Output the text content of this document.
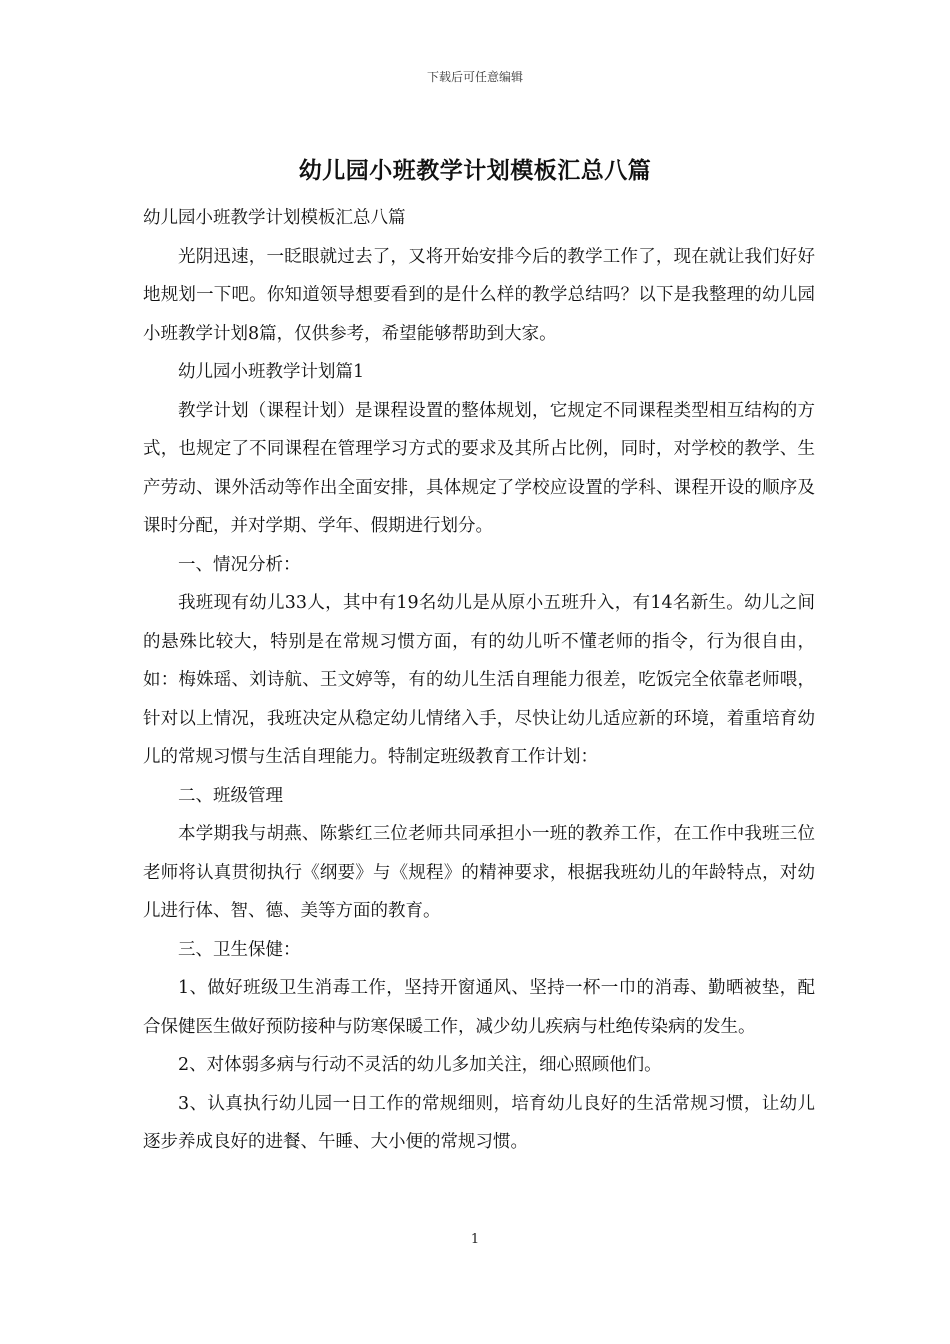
下载后可任意编辑
幼儿园小班教学计划模板汇总八篇

幼儿园小班教学计划模板汇总八篇

光阴迅速，一眨眼就过去了，又将开始安排今后的教学工作了，现在就让我们好好地规划一下吧。你知道领导想要看到的是什么样的教学总结吗？以下是我整理的幼儿园小班教学计划8篇，仅供参考，希望能够帮助到大家。

幼儿园小班教学计划篇1

教学计划（课程计划）是课程设置的整体规划，它规定不同课程类型相互结构的方式，也规定了不同课程在管理学习方式的要求及其所占比例，同时，对学校的教学、生产劳动、课外活动等作出全面安排，具体规定了学校应设置的学科、课程开设的顺序及课时分配，并对学期、学年、假期进行划分。

一、情况分析：

我班现有幼儿33人，其中有19名幼儿是从原小五班升入，有14名新生。幼儿之间的悬殊比较大，特别是在常规习惯方面，有的幼儿听不懂老师的指令，行为很自由，如：梅姝瑶、刘诗航、王文婷等，有的幼儿生活自理能力很差，吃饭完全依靠老师喂，针对以上情况，我班决定从稳定幼儿情绪入手，尽快让幼儿适应新的环境，着重培育幼儿的常规习惯与生活自理能力。特制定班级教育工作计划：

二、班级管理

本学期我与胡燕、陈紫红三位老师共同承担小一班的教养工作，在工作中我班三位老师将认真贯彻执行《纲要》与《规程》的精神要求，根据我班幼儿的年龄特点，对幼儿进行体、智、德、美等方面的教育。

三、卫生保健：

1、做好班级卫生消毒工作，坚持开窗通风、坚持一杯一巾的消毒、勤晒被垫，配合保健医生做好预防接种与防寒保暖工作，减少幼儿疾病与杜绝传染病的发生。

2、对体弱多病与行动不灵活的幼儿多加关注，细心照顾他们。

3、认真执行幼儿园一日工作的常规细则，培育幼儿良好的生活常规习惯，让幼儿逐步养成良好的进餐、午睡、大小便的常规习惯。

1
